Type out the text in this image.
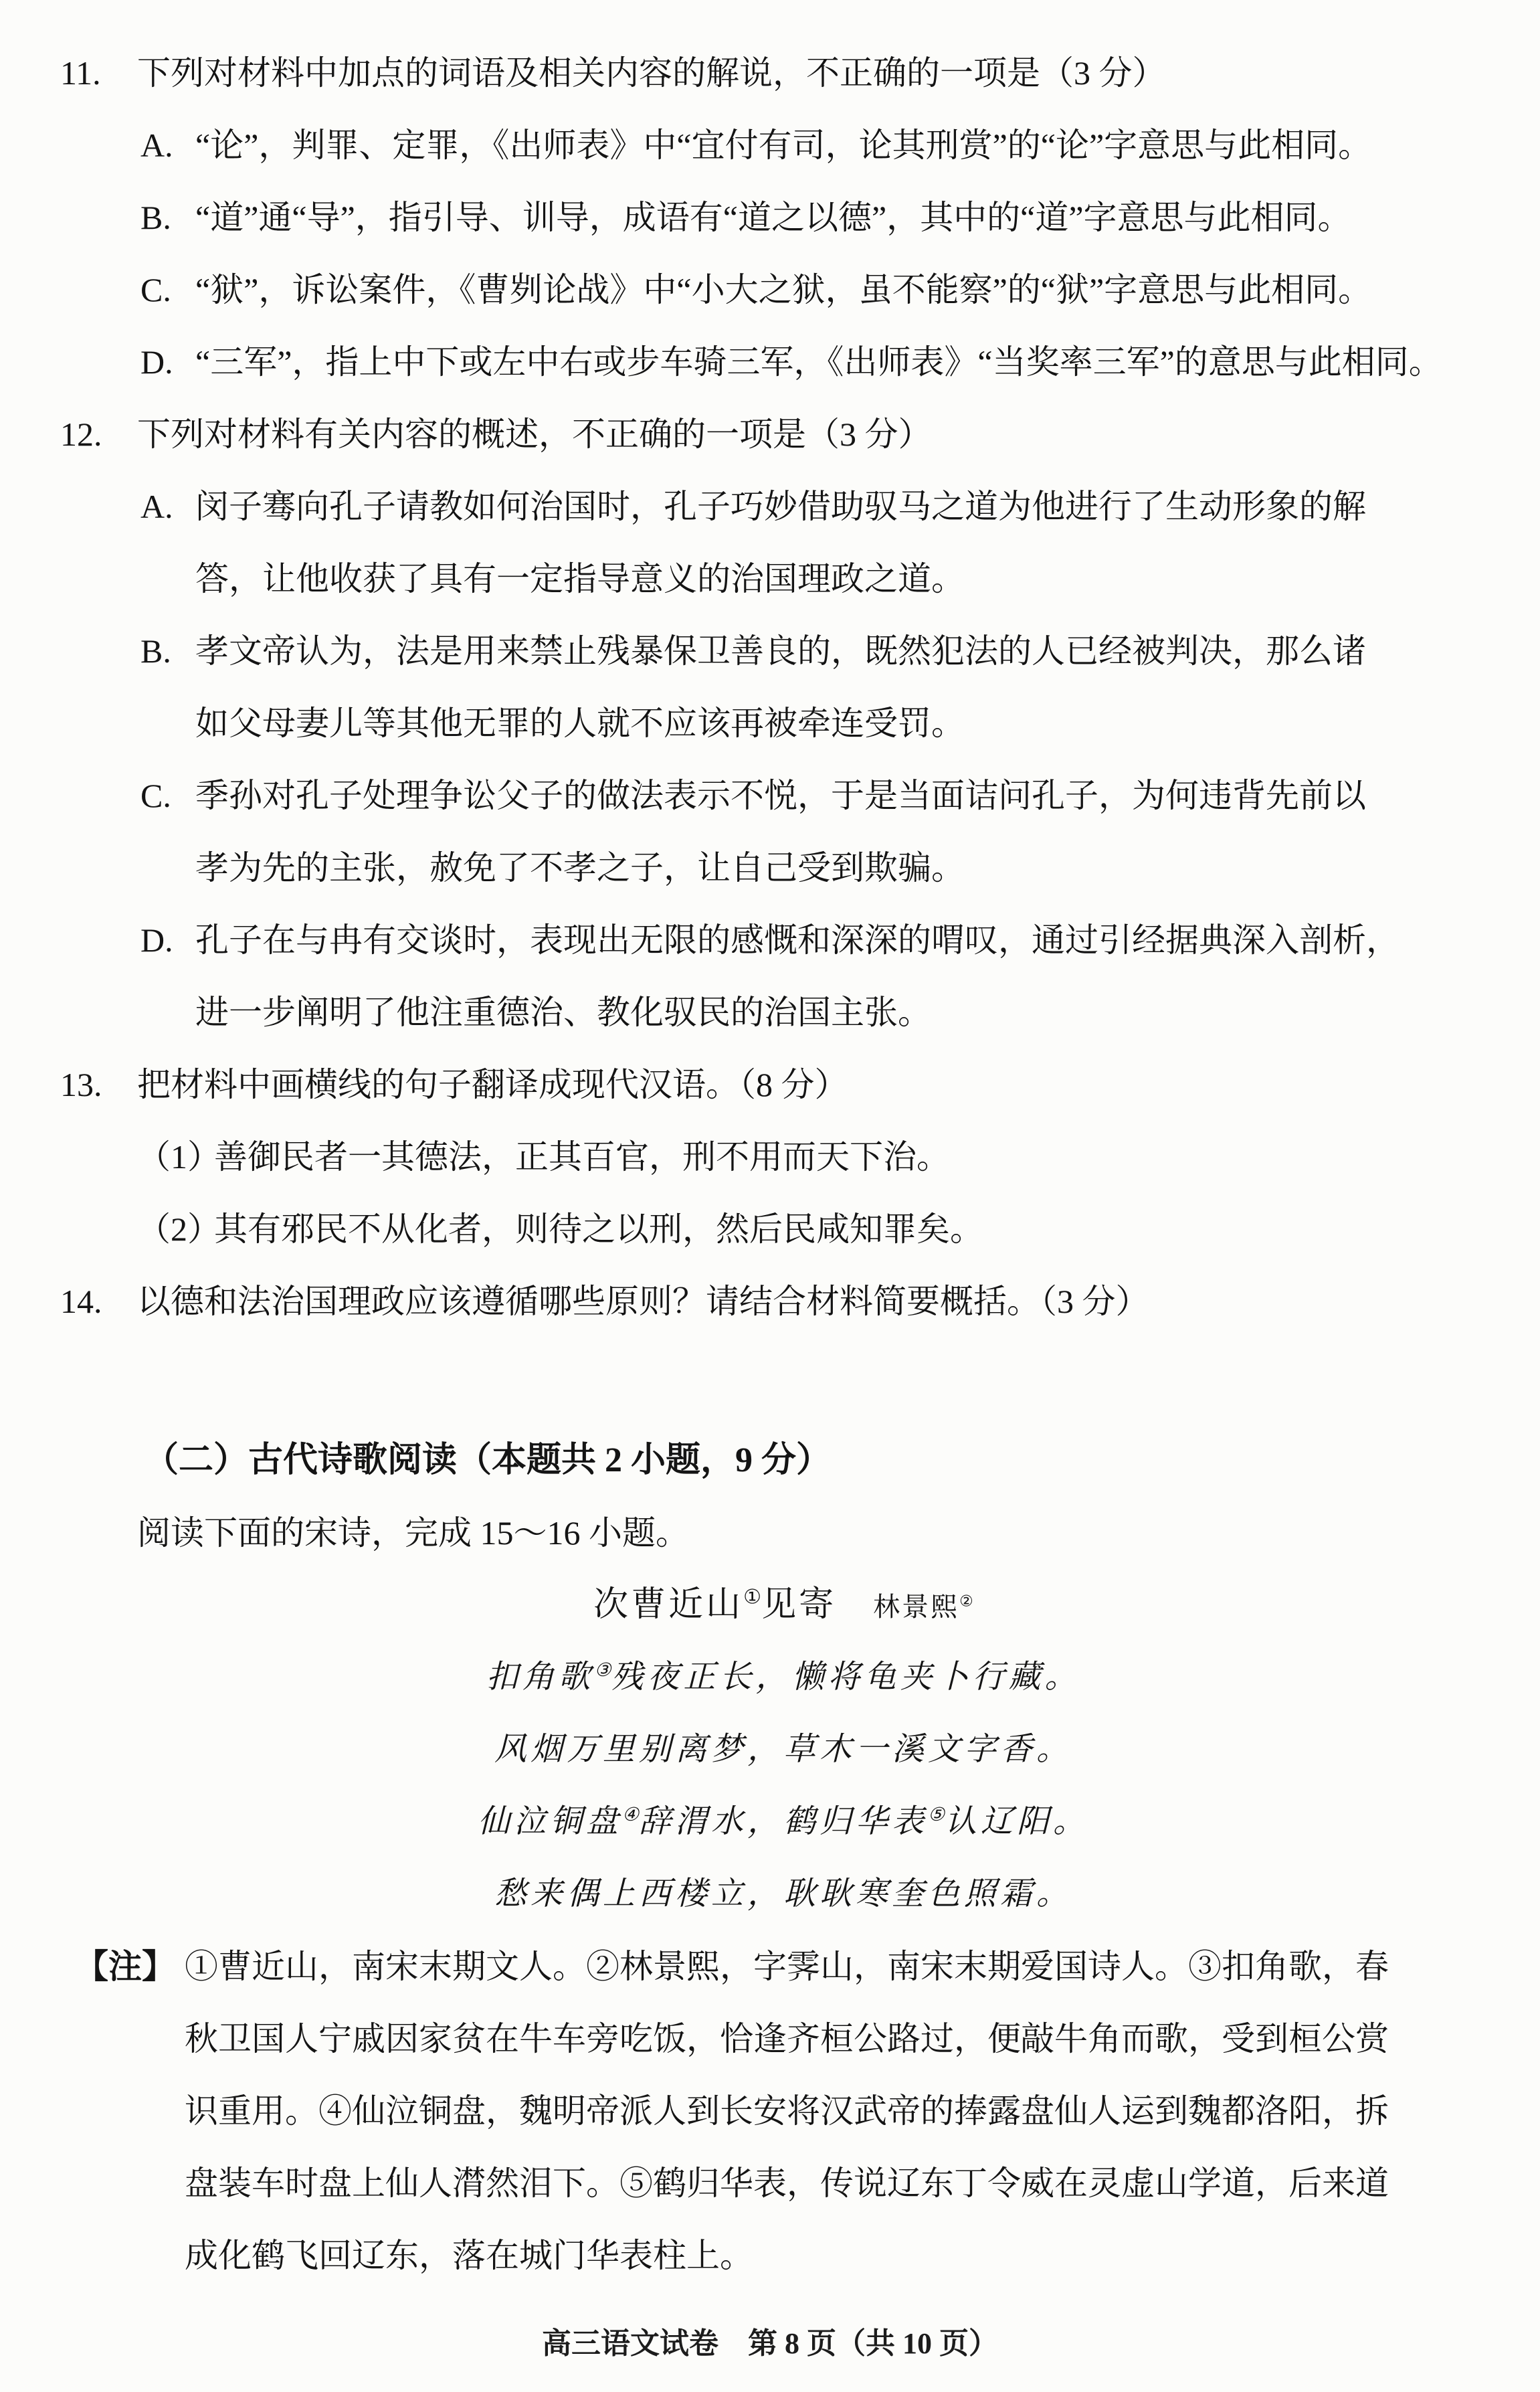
11. 下列对材料中加点的词语及相关内容的解说，不正确的一项是（3 分）
A. “论”，判罪、定罪，《出师表》中“宜付有司，论其刑赏”的“论”字意思与此相同。
B. “道”通“导”，指引导、训导，成语有“道之以德”，其中的“道”字意思与此相同。
C. “狱”，诉讼案件，《曹刿论战》中“小大之狱，虽不能察”的“狱”字意思与此相同。
D. “三军”，指上中下或左中右或步车骑三军，《出师表》“当奖率三军”的意思与此相同。
12. 下列对材料有关内容的概述，不正确的一项是（3 分）
A. 闵子骞向孔子请教如何治国时，孔子巧妙借助驭马之道为他进行了生动形象的解
答，让他收获了具有一定指导意义的治国理政之道。
B. 孝文帝认为，法是用来禁止残暴保卫善良的，既然犯法的人已经被判决，那么诸
如父母妻儿等其他无罪的人就不应该再被牵连受罚。
C. 季孙对孔子处理争讼父子的做法表示不悦，于是当面诘问孔子，为何违背先前以
孝为先的主张，赦免了不孝之子，让自己受到欺骗。
D. 孔子在与冉有交谈时，表现出无限的感慨和深深的喟叹，通过引经据典深入剖析，
进一步阐明了他注重德治、教化驭民的治国主张。
13. 把材料中画横线的句子翻译成现代汉语。（8 分）
（1）善御民者一其德法，正其百官，刑不用而天下治。
（2）其有邪民不从化者，则待之以刑，然后民咸知罪矣。
14. 以德和法治国理政应该遵循哪些原则？请结合材料简要概括。（3 分）
（二）古代诗歌阅读（本题共 2 小题，9 分）
阅读下面的宋诗，完成 15～16 小题。
次曹近山①见寄 林景熙②
扣角歌③残夜正长，懒将龟夹卜行藏。
风烟万里别离梦，草木一溪文字香。
仙泣铜盘④辞渭水，鹤归华表⑤认辽阳。
愁来偶上西楼立，耿耿寒奎色照霜。
【注】 ①曹近山，南宋末期文人。②林景熙，字霁山，南宋末期爱国诗人。③扣角歌，春
秋卫国人宁戚因家贫在牛车旁吃饭，恰逢齐桓公路过，便敲牛角而歌，受到桓公赏
识重用。④仙泣铜盘，魏明帝派人到长安将汉武帝的捧露盘仙人运到魏都洛阳，拆
盘装车时盘上仙人潸然泪下。⑤鹤归华表，传说辽东丁令威在灵虚山学道，后来道
成化鹤飞回辽东，落在城门华表柱上。
高三语文试卷　第 8 页（共 10 页）
